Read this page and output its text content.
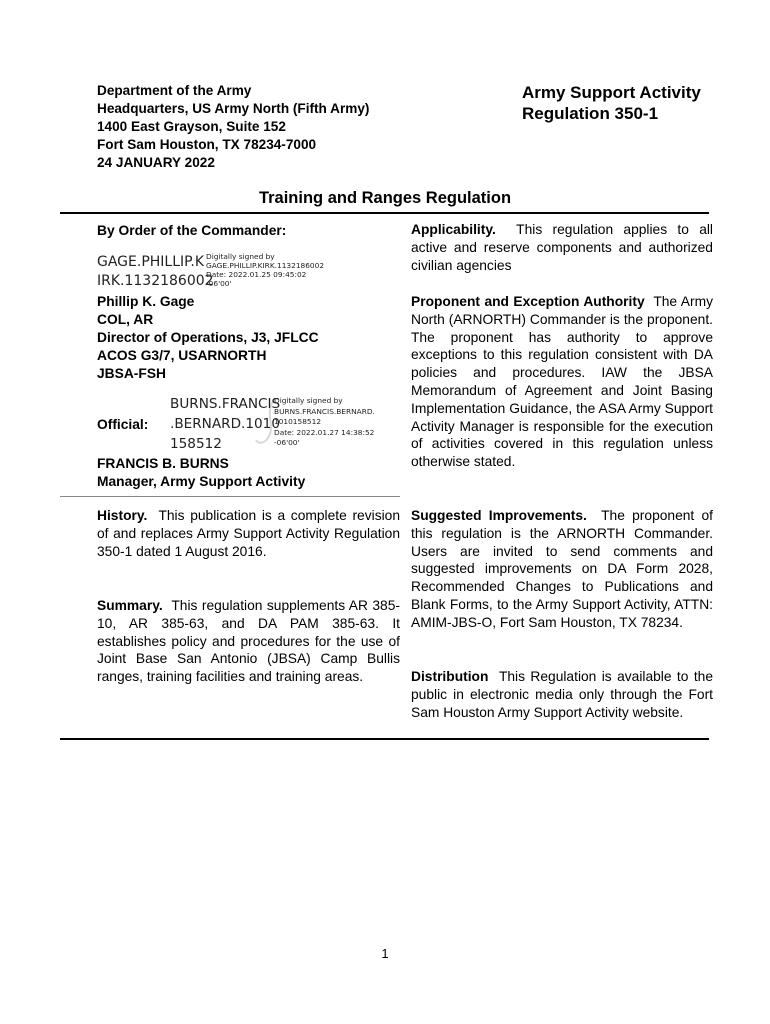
Department of the Army
Headquarters, US Army North (Fifth Army)
1400 East Grayson, Suite 152
Fort Sam Houston, TX 78234-7000
24 JANUARY 2022
Army Support Activity
Regulation 350-1
Training and Ranges Regulation
By Order of the Commander:
GAGE.PHILLIP.K
IRK.1132186002
Digitally signed by
GAGE.PHILLIP.KIRK.1132186002
Date: 2022.01.25 09:45:02
-06'00'
Phillip K. Gage
COL, AR
Director of Operations, J3, JFLCC
ACOS G3/7, USARNORTH
JBSA-FSH
Official:
BURNS.FRANCIS
.BERNARD.1010
158512
Digitally signed by
BURNS.FRANCIS.BERNARD.
1010158512
Date: 2022.01.27 14:38:52
-06'00'
FRANCIS B. BURNS
Manager, Army Support Activity

History. This publication is a complete revision of and replaces Army Support Activity Regulation 350-1 dated 1 August 2016.

Summary. This regulation supplements AR 385-10, AR 385-63, and DA PAM 385-63. It establishes policy and procedures for the use of Joint Base San Antonio (JBSA) Camp Bullis ranges, training facilities and training areas.

Applicability. This regulation applies to all active and reserve components and authorized civilian agencies

Proponent and Exception Authority The Army North (ARNORTH) Commander is the proponent. The proponent has authority to approve exceptions to this regulation consistent with DA policies and procedures. IAW the JBSA Memorandum of Agreement and Joint Basing Implementation Guidance, the ASA Army Support Activity Manager is responsible for the execution of activities covered in this regulation unless otherwise stated.

Suggested Improvements. The proponent of this regulation is the ARNORTH Commander. Users are invited to send comments and suggested improvements on DA Form 2028, Recommended Changes to Publications and Blank Forms, to the Army Support Activity, ATTN: AMIM-JBS-O, Fort Sam Houston, TX 78234.

Distribution This Regulation is available to the public in electronic media only through the Fort Sam Houston Army Support Activity website.

1
